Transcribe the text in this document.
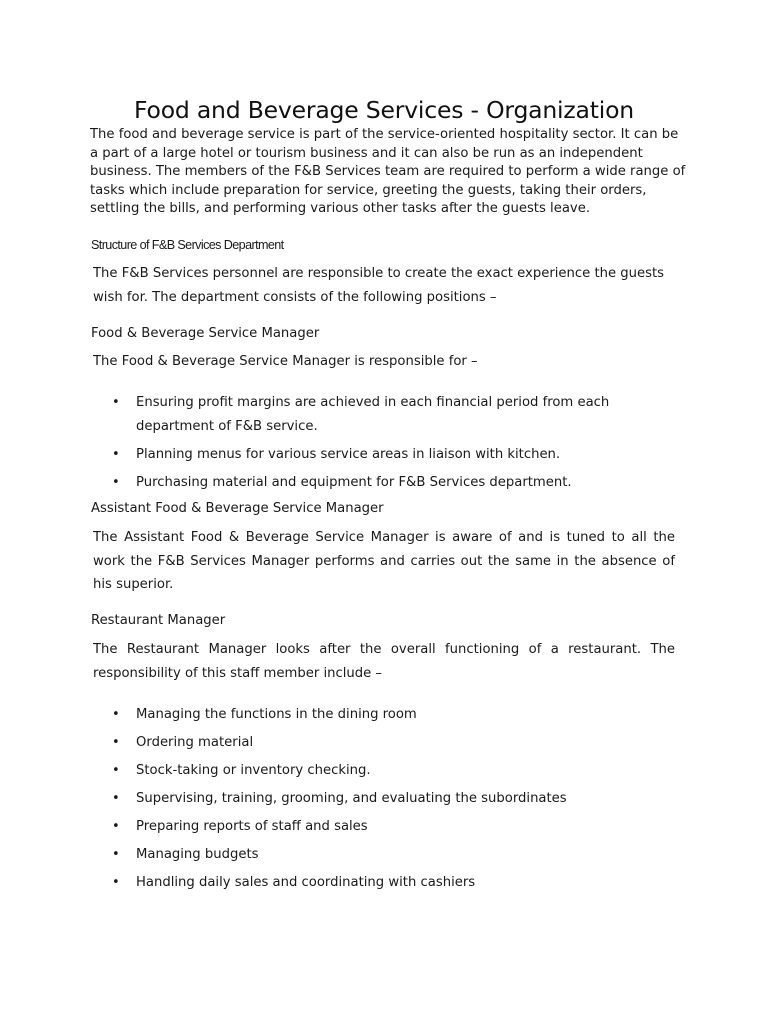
Food and Beverage Services - Organization

The food and beverage service is part of the service-oriented hospitality sector. It can be a part of a large hotel or tourism business and it can also be run as an independent business. The members of the F&B Services team are required to perform a wide range of tasks which include preparation for service, greeting the guests, taking their orders, settling the bills, and performing various other tasks after the guests leave.

Structure of F&B Services Department

The F&B Services personnel are responsible to create the exact experience the guests wish for. The department consists of the following positions –

Food & Beverage Service Manager

The Food & Beverage Service Manager is responsible for –

• Ensuring profit margins are achieved in each financial period from each department of F&B service.
• Planning menus for various service areas in liaison with kitchen.
• Purchasing material and equipment for F&B Services department.

Assistant Food & Beverage Service Manager

The Assistant Food & Beverage Service Manager is aware of and is tuned to all the work the F&B Services Manager performs and carries out the same in the absence of his superior.

Restaurant Manager

The Restaurant Manager looks after the overall functioning of a restaurant. The responsibility of this staff member include –

• Managing the functions in the dining room
• Ordering material
• Stock-taking or inventory checking.
• Supervising, training, grooming, and evaluating the subordinates
• Preparing reports of staff and sales
• Managing budgets
• Handling daily sales and coordinating with cashiers
